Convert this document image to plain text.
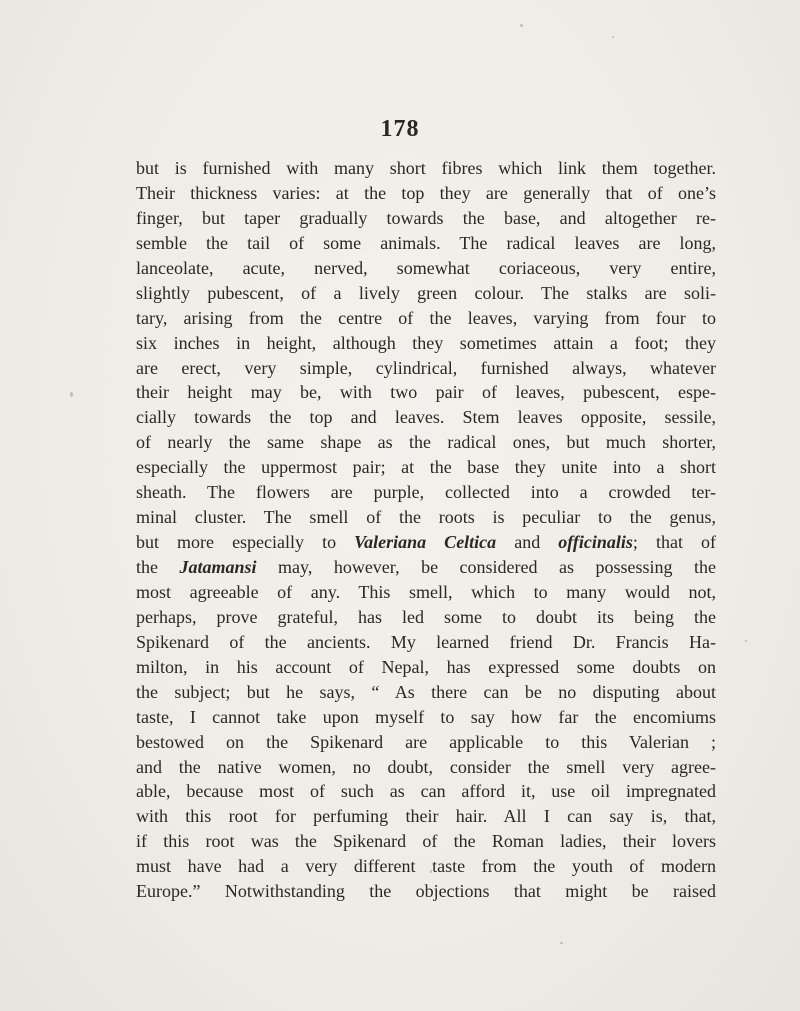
178
but is furnished with many short fibres which link them together.
Their thickness varies: at the top they are generally that of one’s
finger, but taper gradually towards the base, and altogether re-
semble the tail of some animals. The radical leaves are long,
lanceolate, acute, nerved, somewhat coriaceous, very entire,
slightly pubescent, of a lively green colour. The stalks are soli-
tary, arising from the centre of the leaves, varying from four to
six inches in height, although they sometimes attain a foot; they
are erect, very simple, cylindrical, furnished always, whatever
their height may be, with two pair of leaves, pubescent, espe-
cially towards the top and leaves. Stem leaves opposite, sessile,
of nearly the same shape as the radical ones, but much shorter,
especially the uppermost pair; at the base they unite into a short
sheath. The flowers are purple, collected into a crowded ter-
minal cluster. The smell of the roots is peculiar to the genus,
but more especially to Valeriana Celtica and officinalis; that of
the Jatamansi may, however, be considered as possessing the
most agreeable of any. This smell, which to many would not,
perhaps, prove grateful, has led some to doubt its being the
Spikenard of the ancients. My learned friend Dr. Francis Ha-
milton, in his account of Nepal, has expressed some doubts on
the subject; but he says, “ As there can be no disputing about
taste, I cannot take upon myself to say how far the encomiums
bestowed on the Spikenard are applicable to this Valerian ;
and the native women, no doubt, consider the smell very agree-
able, because most of such as can afford it, use oil impregnated
with this root for perfuming their hair. All I can say is, that,
if this root was the Spikenard of the Roman ladies, their lovers
must have had a very different taste from the youth of modern
Europe.” Notwithstanding the objections that might be raised
